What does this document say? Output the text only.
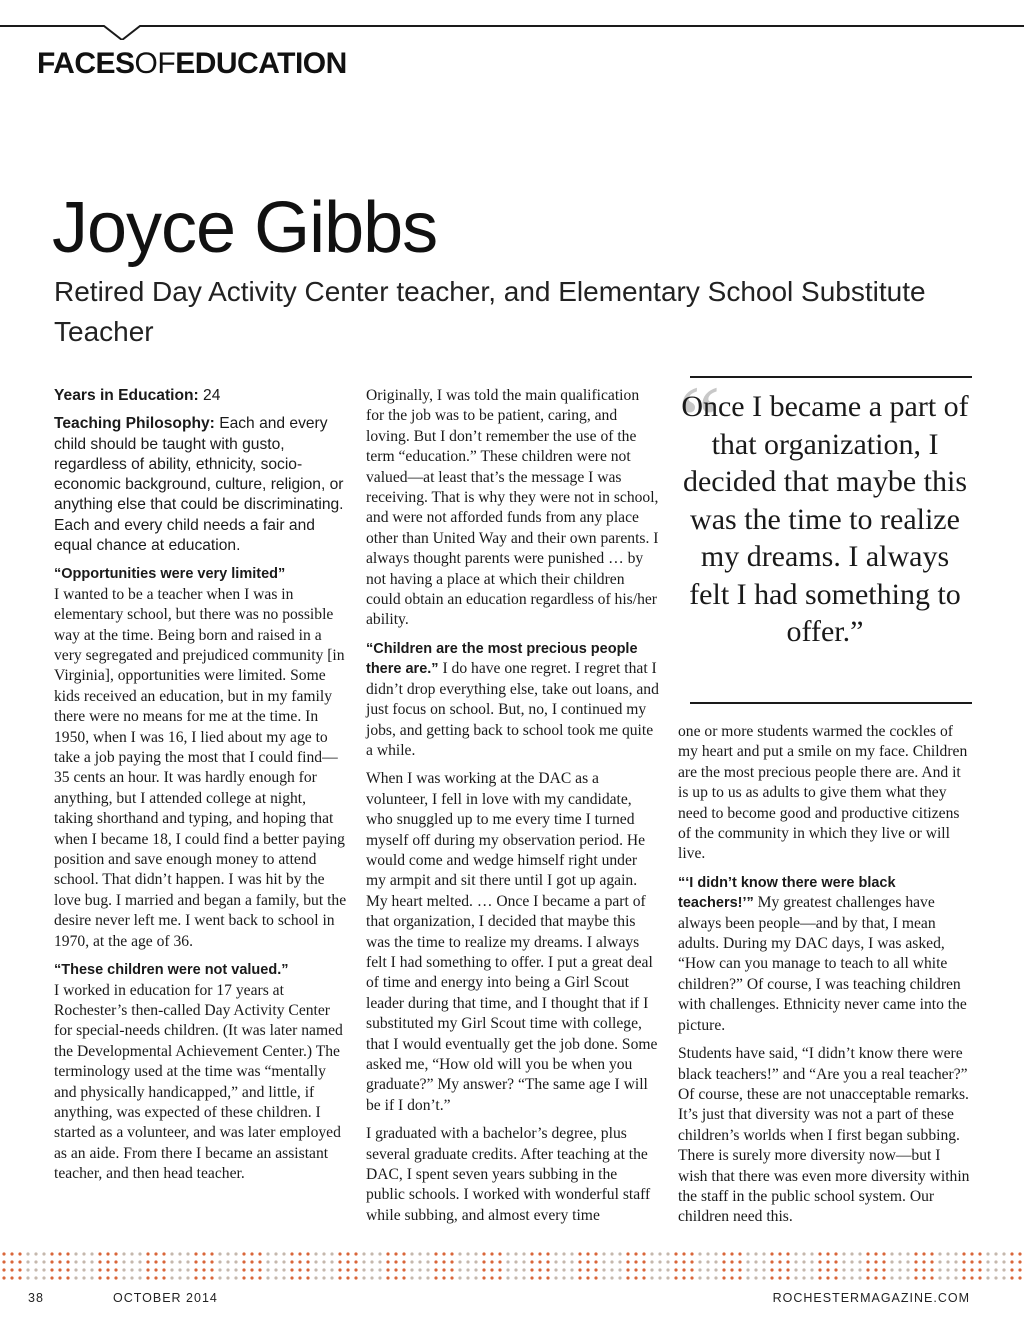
FACESOFEDUCATION
Joyce Gibbs

Retired Day Activity Center teacher, and Elementary School Substitute Teacher

Years in Education: 24

Teaching Philosophy: Each and every child should be taught with gusto, regardless of ability, ethnicity, socio-economic background, culture, religion, or anything else that could be discriminating. Each and every child needs a fair and equal chance at education.

“Opportunities were very limited”

I wanted to be a teacher when I was in elementary school, but there was no possible way at the time. Being born and raised in a very segregated and prejudiced community [in Virginia], opportunities were limited. Some kids received an education, but in my family there were no means for me at the time. In 1950, when I was 16, I lied about my age to take a job paying the most that I could find—35 cents an hour. It was hardly enough for anything, but I attended college at night, taking shorthand and typing, and hoping that when I became 18, I could find a better paying position and save enough money to attend school. That didn’t happen. I was hit by the love bug. I married and began a family, but the desire never left me. I went back to school in 1970, at the age of 36.

“These children were not valued.”

I worked in education for 17 years at Rochester’s then-called Day Activity Center for special-needs children. (It was later named the Developmental Achievement Center.) The terminology used at the time was “mentally and physically handicapped,” and little, if anything, was expected of these children. I started as a volunteer, and was later employed as an aide. From there I became an assistant teacher, and then head teacher.

Originally, I was told the main qualification for the job was to be patient, caring, and loving. But I don’t remember the use of the term “education.” These children were not valued—at least that’s the message I was receiving. That is why they were not in school, and were not afforded funds from any place other than United Way and their own parents. I always thought parents were punished … by not having a place at which their children could obtain an education regardless of his/her ability.

“Children are the most precious people there are.” I do have one regret. I regret that I didn’t drop everything else, take out loans, and just focus on school. But, no, I continued my jobs, and getting back to school took me quite a while.

When I was working at the DAC as a volunteer, I fell in love with my candidate, who snuggled up to me every time I turned myself off during my observation period. He would come and wedge himself right under my armpit and sit there until I got up again. My heart melted. … Once I became a part of that organization, I decided that maybe this was the time to realize my dreams. I always felt I had something to offer. I put a great deal of time and energy into being a Girl Scout leader during that time, and I thought that if I substituted my Girl Scout time with college, that I would eventually get the job done. Some asked me, “How old will you be when you graduate?” My answer? “The same age I will be if I don’t.”

I graduated with a bachelor’s degree, plus several graduate credits. After teaching at the DAC, I spent seven years subbing in the public schools. I worked with wonderful staff while subbing, and almost every time

“

Once I became a part of that organization, I decided that maybe this was the time to realize my dreams. I always felt I had something to offer.”

one or more students warmed the cockles of my heart and put a smile on my face. Children are the most precious people there are. And it is up to us as adults to give them what they need to become good and productive citizens of the community in which they live or will live.

“‘I didn’t know there were black teachers!’” My greatest challenges have always been people—and by that, I mean adults. During my DAC days, I was asked, “How can you manage to teach to all white children?” Of course, I was teaching children with challenges. Ethnicity never came into the picture.

Students have said, “I didn’t know there were black teachers!” and “Are you a real teacher?” Of course, these are not unacceptable remarks. It’s just that diversity was not a part of these children’s worlds when I first began subbing. There is surely more diversity now—but I wish that there was even more diversity within the staff in the public school system. Our children need this.

38	OCTOBER 2014	ROCHESTERMAGAZINE.COM
